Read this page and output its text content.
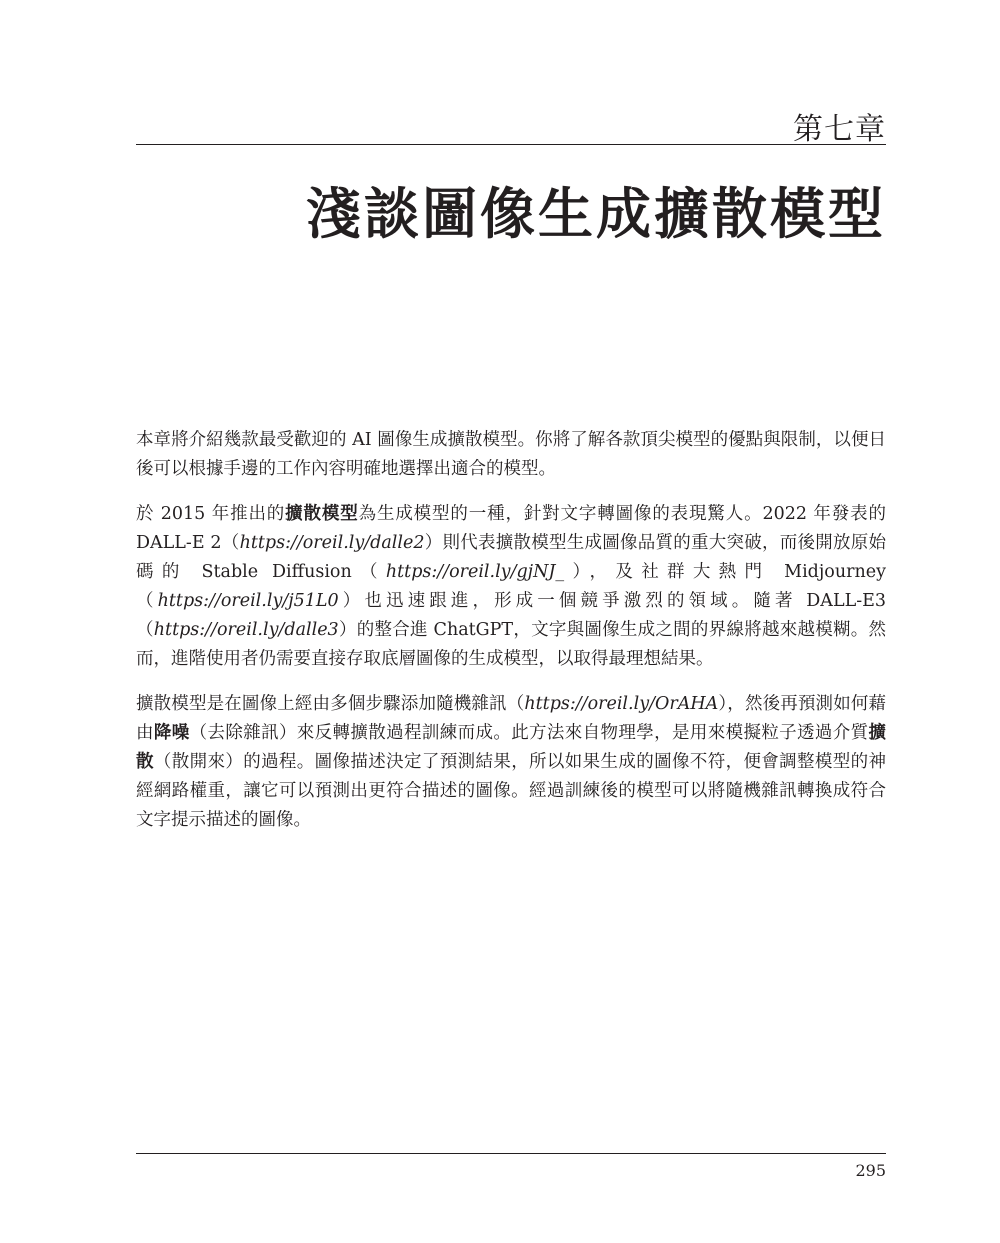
第七章
淺談圖像生成擴散模型

本章將介紹幾款最受歡迎的 AI 圖像生成擴散模型。你將了解各款頂尖模型的優點與限制，以便日後可以根據手邊的工作內容明確地選擇出適合的模型。

於 2015 年推出的擴散模型為生成模型的一種，針對文字轉圖像的表現驚人。2022 年發表的 DALL-E 2（https://oreil.ly/dalle2）則代表擴散模型生成圖像品質的重大突破，而後開放原始碼的 Stable Diffusion（https://oreil.ly/gjNJ_），及社群大熱門 Midjourney（https://oreil.ly/j51L0）也迅速跟進，形成一個競爭激烈的領域。隨著 DALL-E3（https://oreil.ly/dalle3）的整合進 ChatGPT，文字與圖像生成之間的界線將越來越模糊。然而，進階使用者仍需要直接存取底層圖像的生成模型，以取得最理想結果。

擴散模型是在圖像上經由多個步驟添加隨機雜訊（https://oreil.ly/OrAHA），然後再預測如何藉由降噪（去除雜訊）來反轉擴散過程訓練而成。此方法來自物理學，是用來模擬粒子透過介質擴散（散開來）的過程。圖像描述決定了預測結果，所以如果生成的圖像不符，便會調整模型的神經網路權重，讓它可以預測出更符合描述的圖像。經過訓練後的模型可以將隨機雜訊轉換成符合文字提示描述的圖像。

295
